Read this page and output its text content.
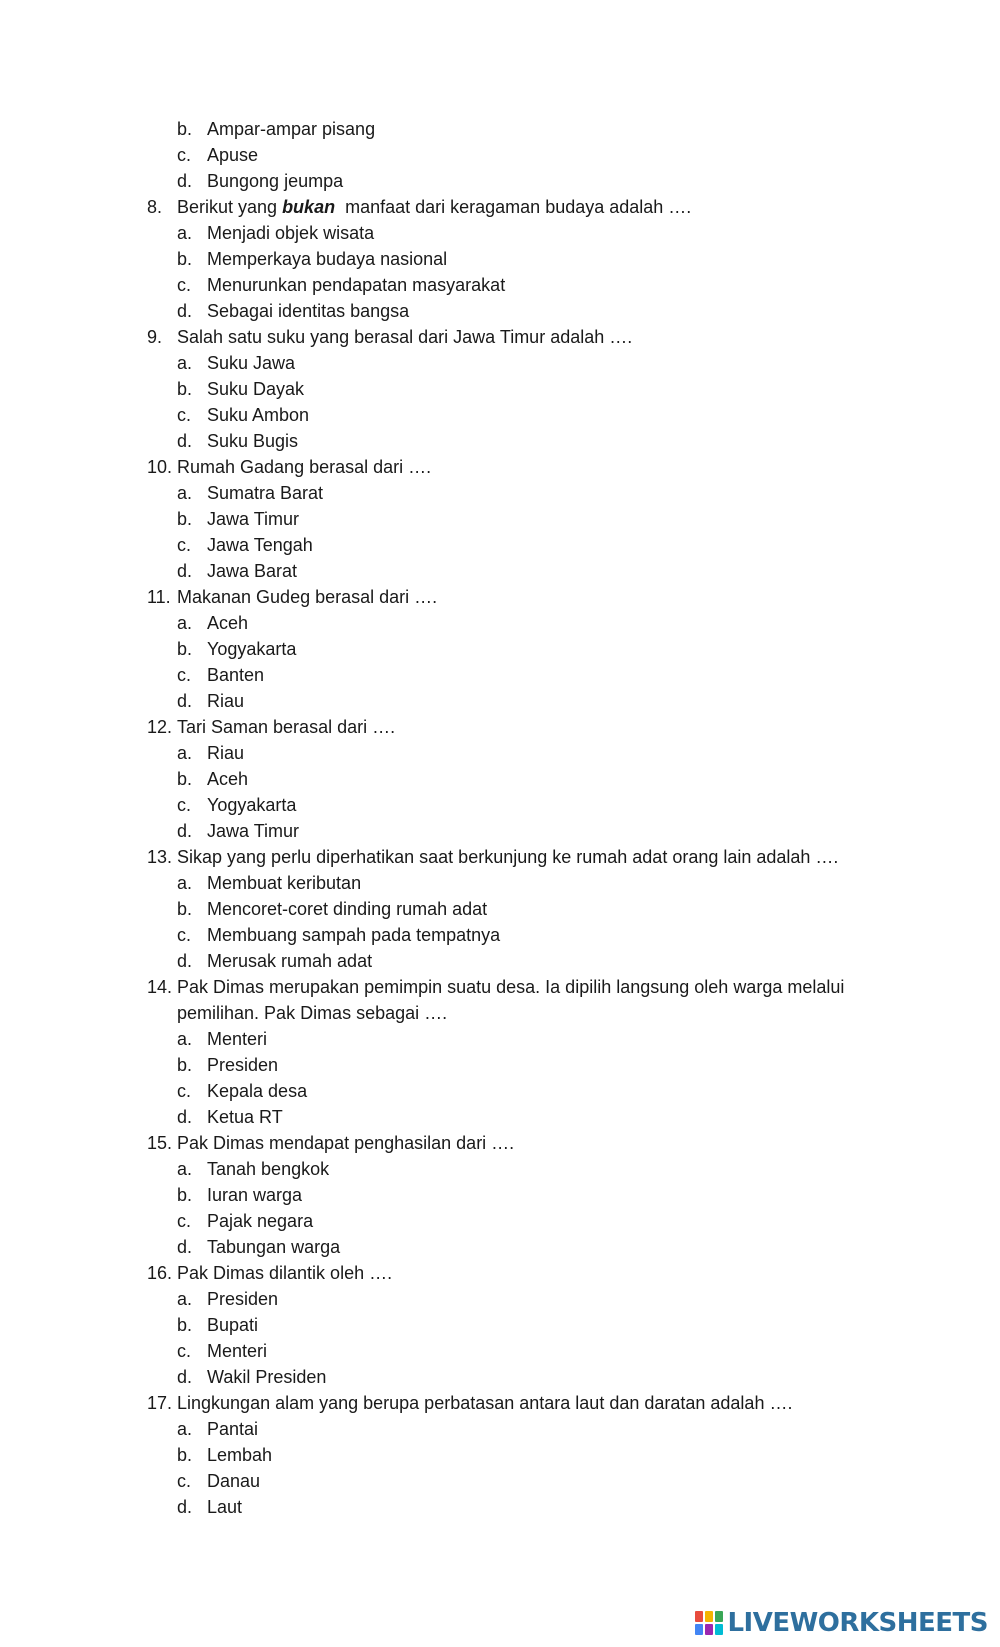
b. Ampar-ampar pisang
c. Apuse
d. Bungong jeumpa
8. Berikut yang bukan  manfaat dari keragaman budaya adalah ….
a. Menjadi objek wisata
b. Memperkaya budaya nasional
c. Menurunkan pendapatan masyarakat
d. Sebagai identitas bangsa
9. Salah satu suku yang berasal dari Jawa Timur adalah ….
a. Suku Jawa
b. Suku Dayak
c. Suku Ambon
d. Suku Bugis
10. Rumah Gadang berasal dari ….
a. Sumatra Barat
b. Jawa Timur
c. Jawa Tengah
d. Jawa Barat
11. Makanan Gudeg berasal dari ….
a. Aceh
b. Yogyakarta
c. Banten
d. Riau
12. Tari Saman berasal dari ….
a. Riau
b. Aceh
c. Yogyakarta
d. Jawa Timur
13. Sikap yang perlu diperhatikan saat berkunjung ke rumah adat orang lain adalah ….
a. Membuat keributan
b. Mencoret-coret dinding rumah adat
c. Membuang sampah pada tempatnya
d. Merusak rumah adat
14. Pak Dimas merupakan pemimpin suatu desa. Ia dipilih langsung oleh warga melalui pemilihan. Pak Dimas sebagai ….
a. Menteri
b. Presiden
c. Kepala desa
d. Ketua RT
15. Pak Dimas mendapat penghasilan dari ….
a. Tanah bengkok
b. Iuran warga
c. Pajak negara
d. Tabungan warga
16. Pak Dimas dilantik oleh ….
a. Presiden
b. Bupati
c. Menteri
d. Wakil Presiden
17. Lingkungan alam yang berupa perbatasan antara laut dan daratan adalah ….
a. Pantai
b. Lembah
c. Danau
d. Laut
LIVEWORKSHEETS
